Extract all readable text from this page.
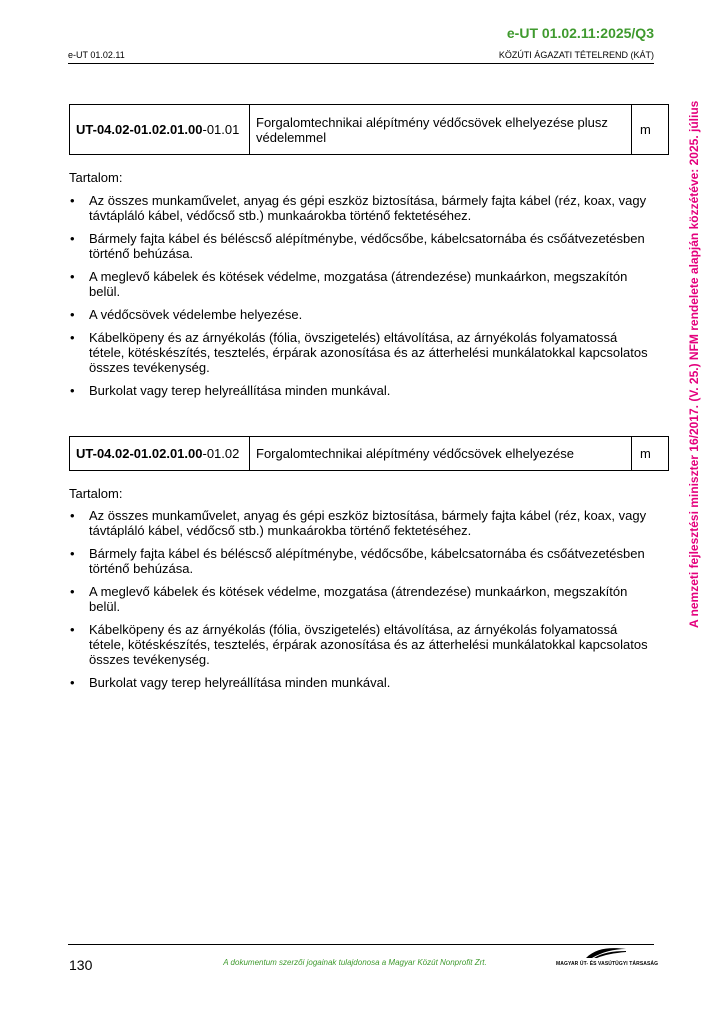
e-UT 01.02.11:2025/Q3
e-UT 01.02.11	KÖZÚTI ÁGAZATI TÉTELREND (KÁT)
UT-04.02-01.02.01.00-01.01	Forgalomtechnikai alépítmény védőcsövek elhelyezése plusz védelemmel	m
Tartalom:
• Az összes munkaművelet, anyag és gépi eszköz biztosítása, bármely fajta kábel (réz, koax, vagy távtápláló kábel, védőcső stb.) munkaárokba történő fektetéséhez.
• Bármely fajta kábel és béléscső alépítménybe, védőcsőbe, kábelcsatornába és csőátvezetésben történő behúzása.
• A meglevő kábelek és kötések védelme, mozgatása (átrendezése) munkaárkon, megszakítón belül.
• A védőcsövek védelembe helyezése.
• Kábelköpeny és az árnyékolás (fólia, övszigetelés) eltávolítása, az árnyékolás folyamatossá tétele, kötéskészítés, tesztelés, érpárak azonosítása és az átterhelési munkálatokkal kapcsolatos összes tevékenység.
• Burkolat vagy terep helyreállítása minden munkával.
UT-04.02-01.02.01.00-01.02	Forgalomtechnikai alépítmény védőcsövek elhelyezése	m
Tartalom:
• Az összes munkaművelet, anyag és gépi eszköz biztosítása, bármely fajta kábel (réz, koax, vagy távtápláló kábel, védőcső stb.) munkaárokba történő fektetéséhez.
• Bármely fajta kábel és béléscső alépítménybe, védőcsőbe, kábelcsatornába és csőátvezetésben történő behúzása.
• A meglevő kábelek és kötések védelme, mozgatása (átrendezése) munkaárkon, megszakítón belül.
• Kábelköpeny és az árnyékolás (fólia, övszigetelés) eltávolítása, az árnyékolás folyamatossá tétele, kötéskészítés, tesztelés, érpárak azonosítása és az átterhelési munkálatokkal kapcsolatos összes tevékenység.
• Burkolat vagy terep helyreállítása minden munkával.
A nemzeti fejlesztési miniszter 16/2017. (V. 25.) NFM rendelete alapján közzétéve: 2025. július
130	A dokumentum szerzői jogainak tulajdonosa a Magyar Közút Nonprofit Zrt.	MAGYAR ÚT- ÉS VASÚTÜGYI TÁRSASÁG
